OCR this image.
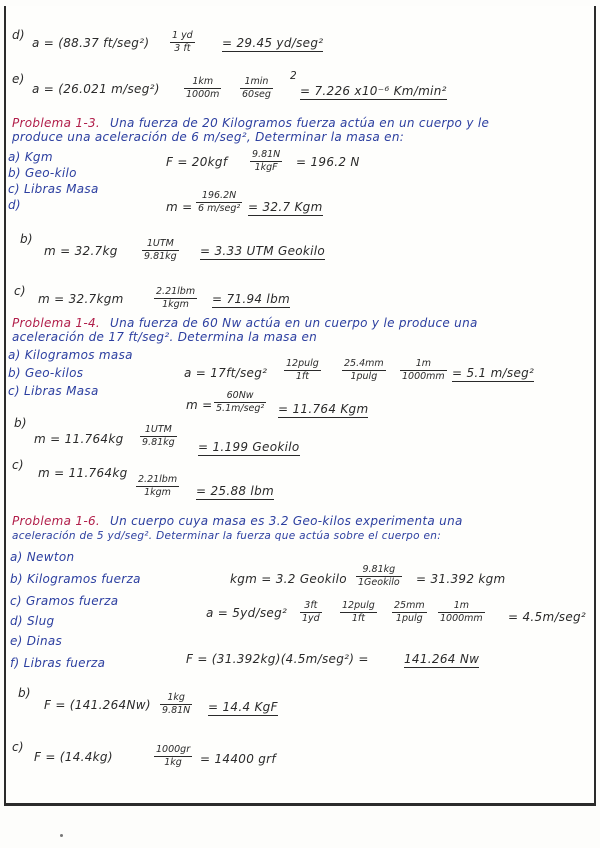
d)
a = (88.37 $ft/seg^2) \frac{1 yd}{3 ft} = 29.45$ yd/seg²
e)
a = (26.021 m/seg²)	$\frac{1km}{1000m}$	1min
60seg
2
= 7.226 x10⁻⁶ Km/min²
Problema 1-3. Una fuerza de 20 Kilogramos fuerza actúa en un cuerpo y le
produce una aceleración de 6 m/seg², Determinar la masa en:
a) Kgm
b) Geo-kilo
c) Libras Masa
d)
F = 20kgf
9.81N
1kgF	= 196.2 N
m =
196.2N
6 m/seg² = 32.7 Kgm
b)
m = 32.7kg
1UTM
9.81kg = 3.33 UTM Geokilo
c)
m = 32.7kgm
2.21lbm
1kgm	= 71.94 lbm
Problema 1-4. Una fuerza de 60 Nw actúa en un cuerpo y le produce una
aceleración de 17 ft/seg². Determina la masa en
a) Kilogramos masa
b) Geo-kilos
c) Libras Masa
$a = 17ft/seg^2 \frac{12pulg}{1ft} \frac{25.4mm}{1pulg} \frac{1m}{1000mm} = 5.1$ m/seg²
m =
60Nw
5.1m/seg² = 11.764 Kgm
b)
m = 11.764kg
1UTM
9.81kg = 1.199 Geokilo
c)
m = 11.764kg 2.21lbm
1kgm	= 25.88 lbm
Problema 1-6. Un cuerpo cuya masa es 3.2 Geo-kilos experimenta una
aceleración de 5 yd/seg². Determinar la fuerza que actúa sobre el cuerpo en:
a) Newton
b) Kilogramos fuerza
c) Gramos fuerza
d) Slug
e) Dinas
f) Libras fuerza
kgm = 3.2 Geokilo
9.81kg
1Geokilo = 31.392 kgm
$a = 5yd/seg^2 \frac{3ft}{1yd} \frac{12pulg}{1ft} \frac{25mm}{1pulg} \frac{1m}{1000mm} = 4.5m/seg^2$
F = (31.392kg)(4.5m/seg²) =	141.264 Nw
b)
$F = (141.264Nw) \frac{1kg}{9.81N} = 14.4$ KgF
c)
F = (14.4kg)	$\frac{1000gr}{1kg} = 14400$ grf
